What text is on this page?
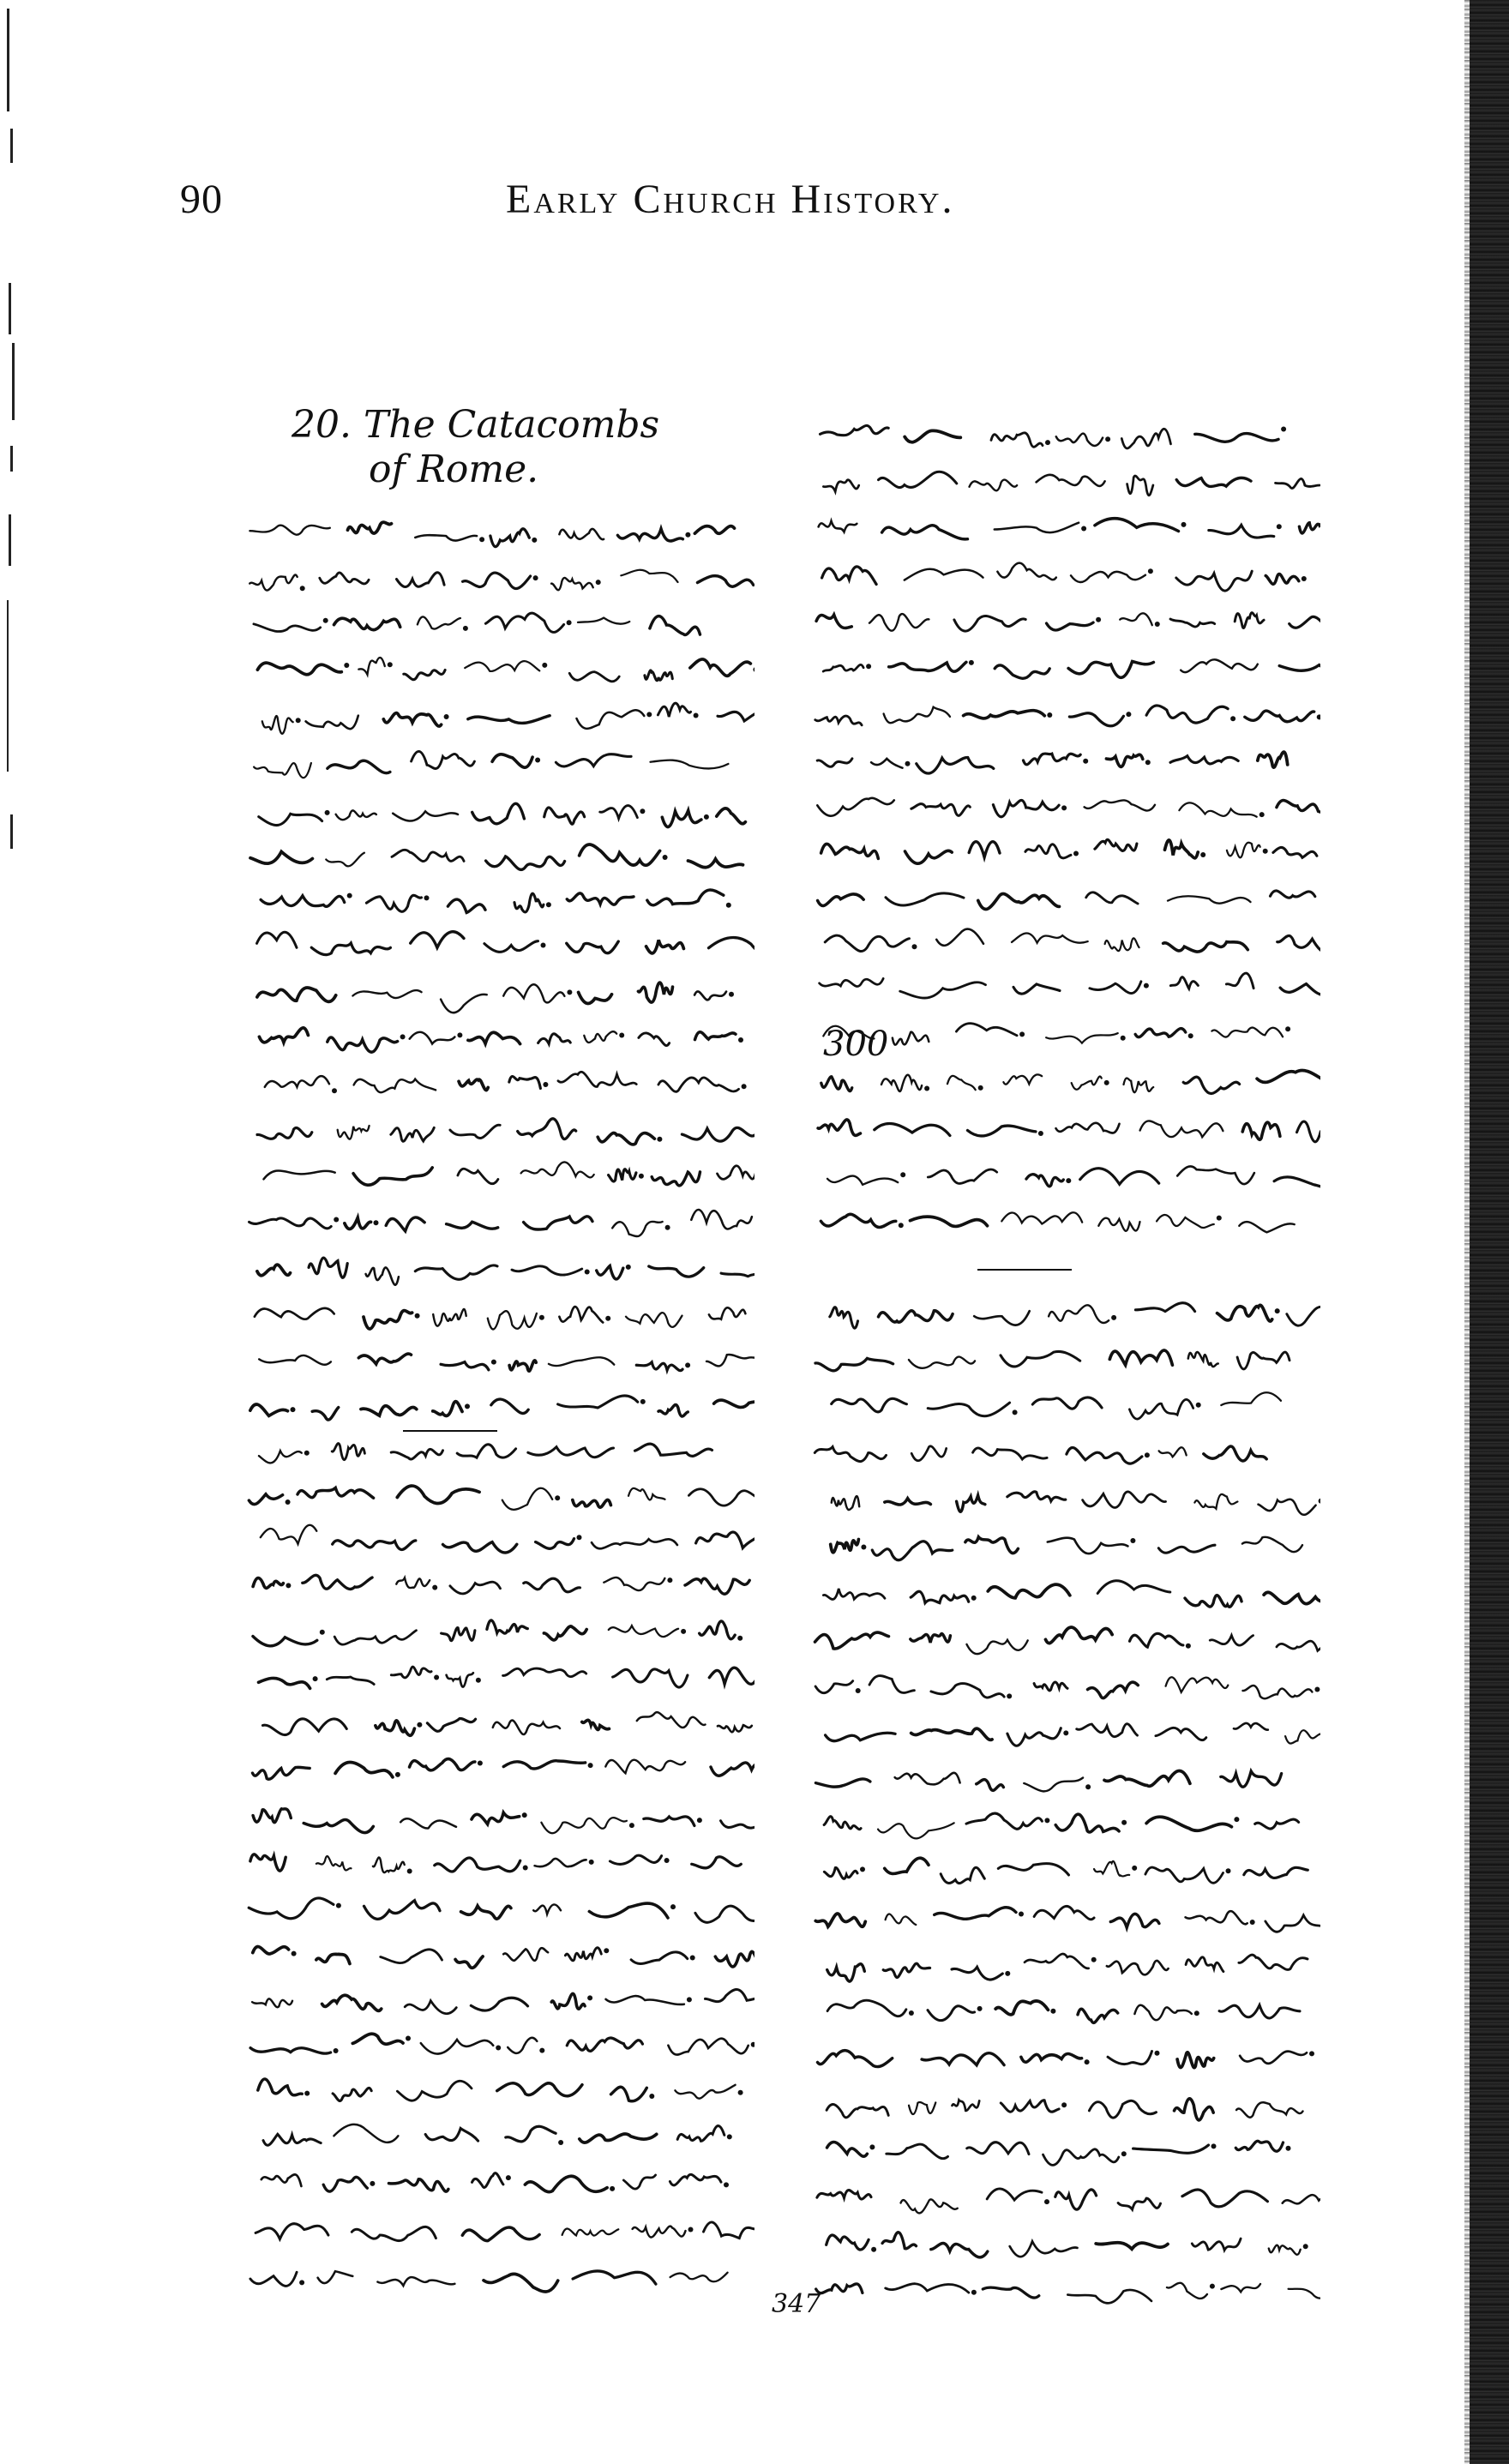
90	Early Church History.
20. The Catacombs
of Rome.
300
347
